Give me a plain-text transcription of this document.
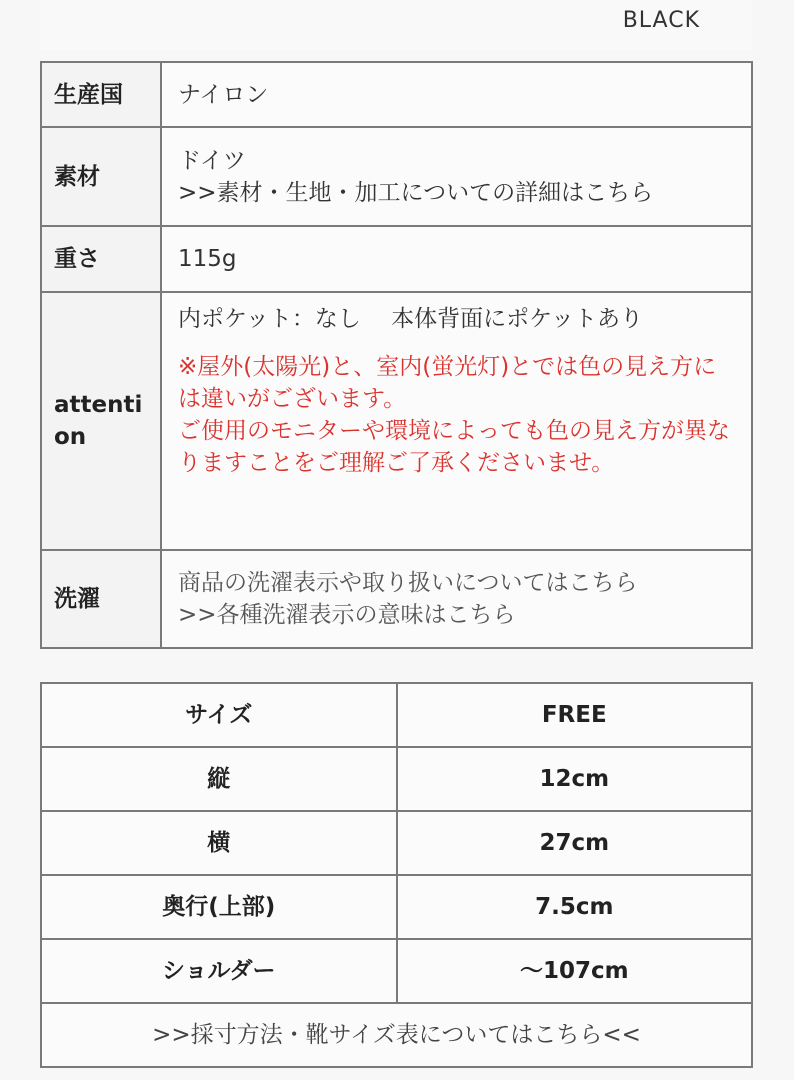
BLACK
生産国	ナイロン

素材	ドイツ
>>素材・生地・加工についての詳細はこちら

重さ	115g

attention	内ポケット：なし　 本体背面にポケットあり
※屋外(太陽光)と、室内(蛍光灯)とでは色の見え方には違いがございます。
ご使用のモニターや環境によっても色の見え方が異なりますことをご理解ご了承くださいませ。

洗濯	商品の洗濯表示や取り扱いについてはこちら
>>各種洗濯表示の意味はこちら
サイズ	FREE
縦	12cm
横	27cm
奥行(上部)	7.5cm
ショルダー	～107cm
>>採寸方法・靴サイズ表についてはこちら<<	
